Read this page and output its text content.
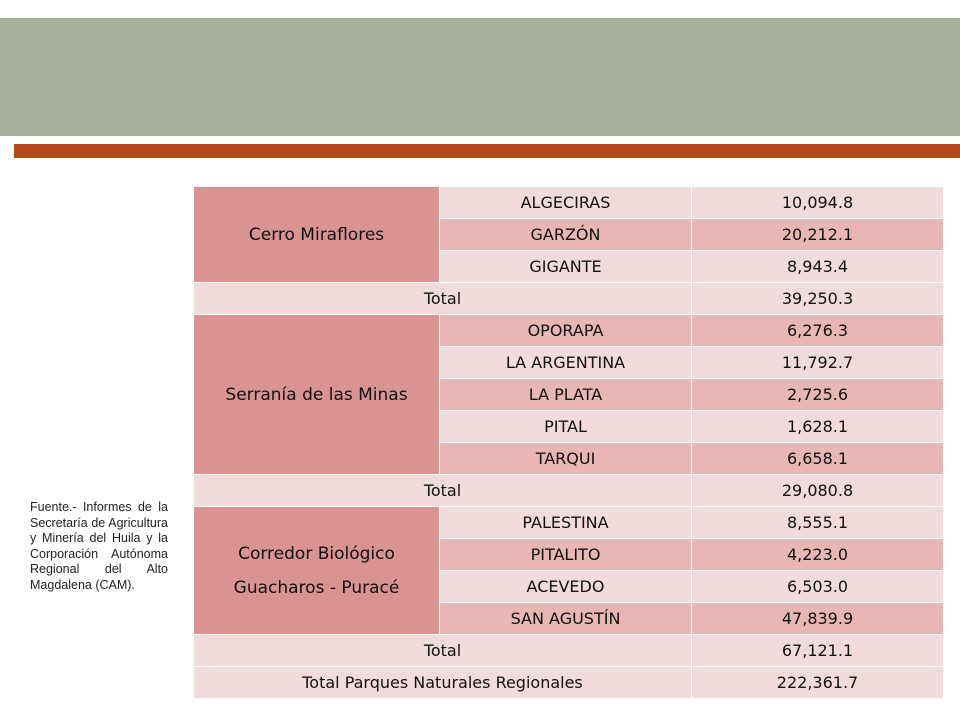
Fuente.- Informes de la Secretaría de Agricultura y Minería del Huila y la Corporación Autónoma Regional del Alto Magdalena (CAM).
Cerro Miraflores	ALGECIRAS	10,094.8
	GARZÓN	20,212.1
	GIGANTE	8,943.4
Total		39,250.3
Serranía de las Minas	OPORAPA	6,276.3
	LA ARGENTINA	11,792.7
	LA PLATA	2,725.6
	PITAL	1,628.1
	TARQUI	6,658.1
Total		29,080.8
Corredor Biológico Guacharos - Puracé	PALESTINA	8,555.1
	PITALITO	4,223.0
	ACEVEDO	6,503.0
	SAN AGUSTÍN	47,839.9
Total		67,121.1
Total Parques Naturales Regionales		222,361.7
